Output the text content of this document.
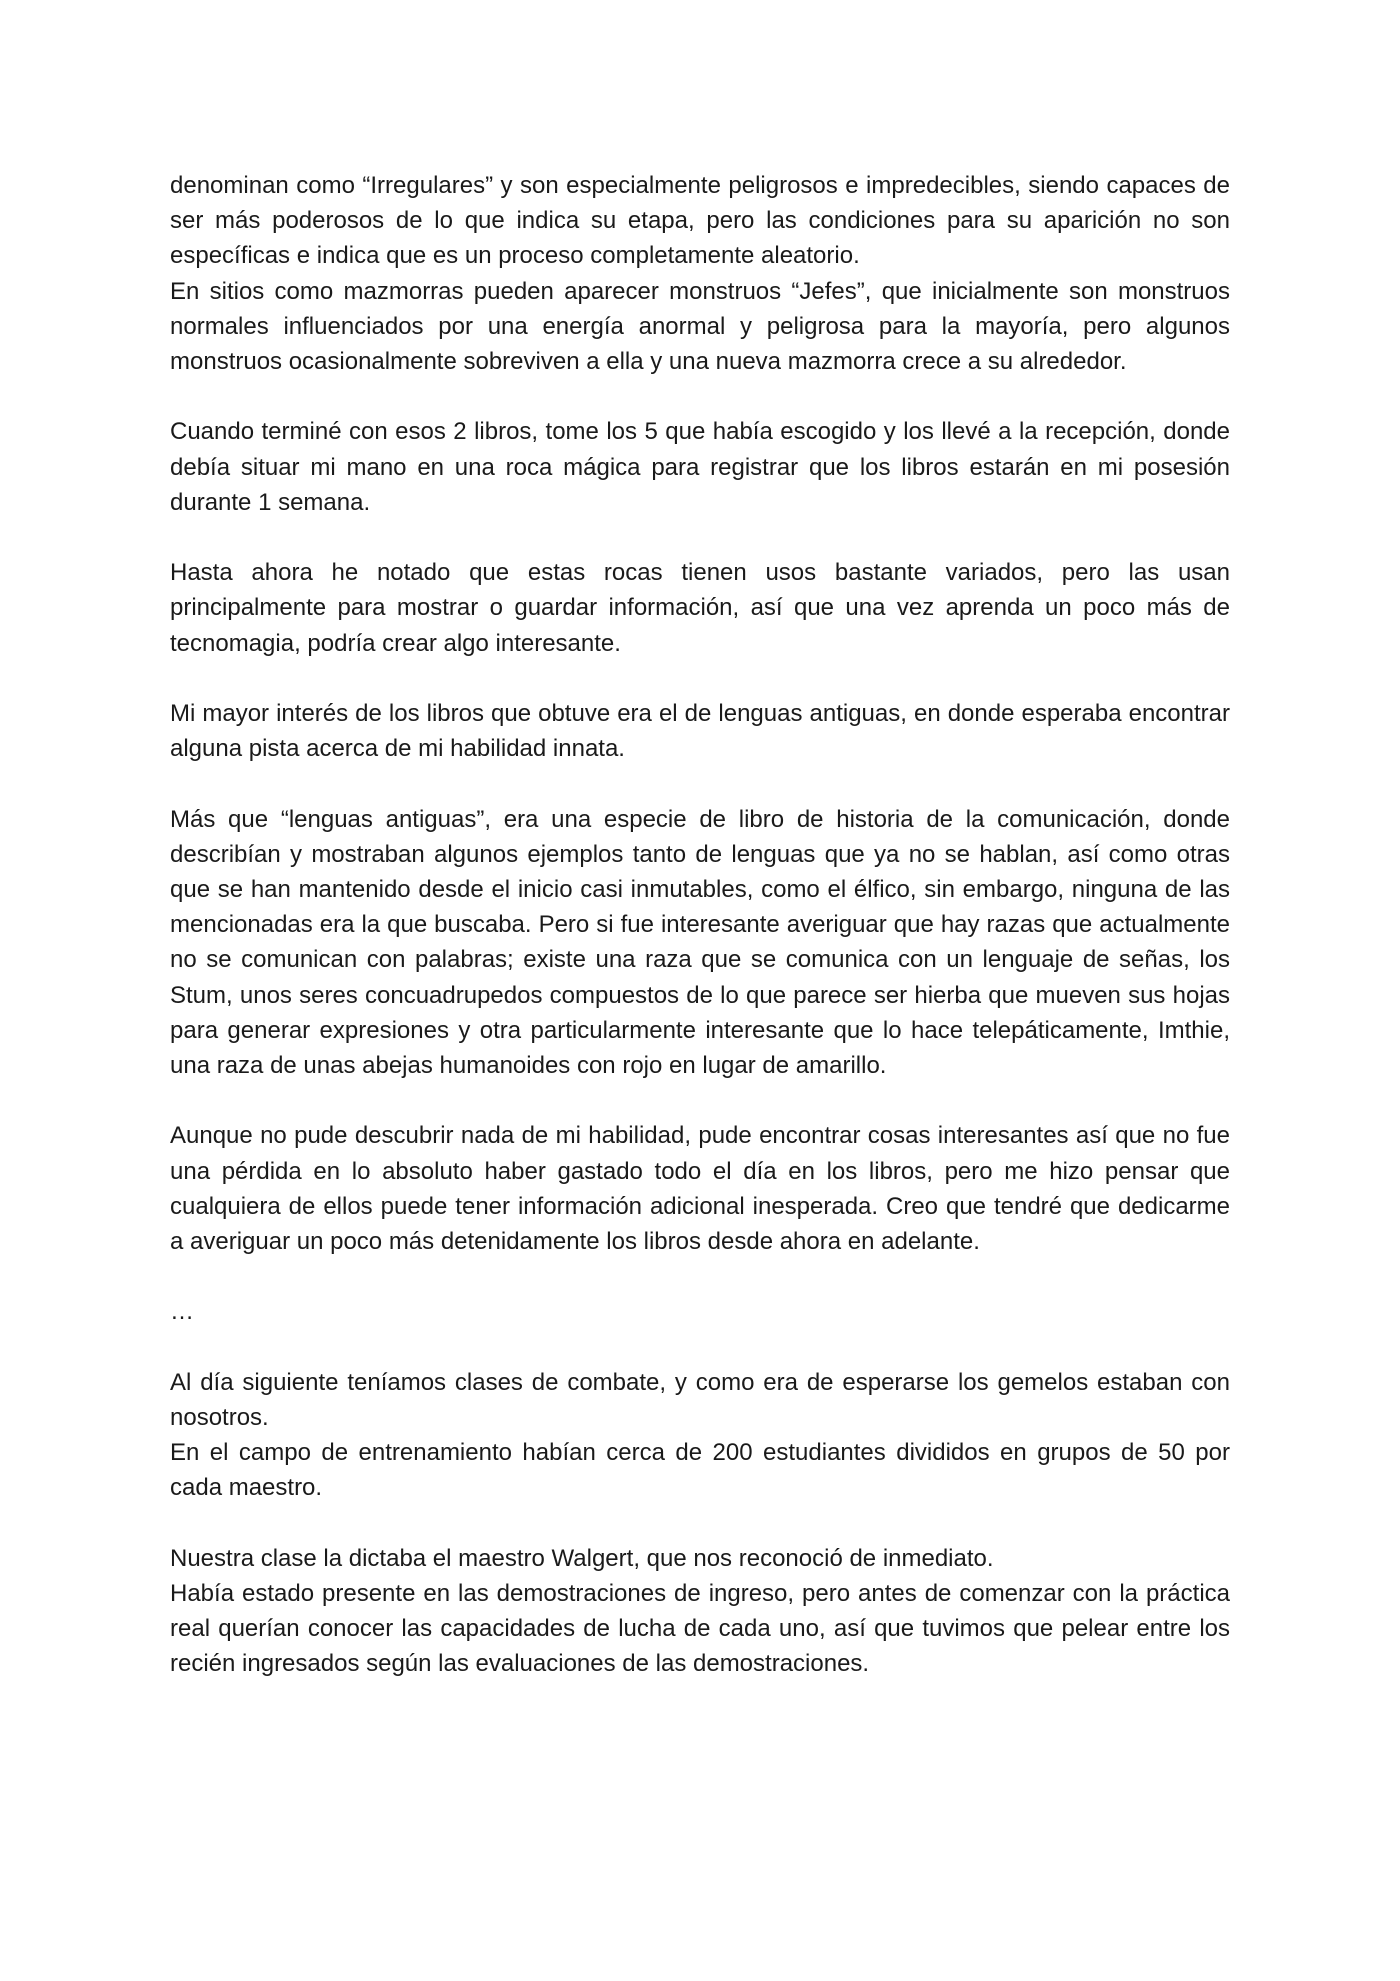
denominan como “Irregulares” y son especialmente peligrosos e impredecibles, siendo capaces de ser más poderosos de lo que indica su etapa, pero las condiciones para su aparición no son específicas e indica que es un proceso completamente aleatorio.

En sitios como mazmorras pueden aparecer monstruos “Jefes”, que inicialmente son monstruos normales influenciados por una energía anormal y peligrosa para la mayoría, pero algunos monstruos ocasionalmente sobreviven a ella y una nueva mazmorra crece a su alrededor.

Cuando terminé con esos 2 libros, tome los 5 que había escogido y los llevé a la recepción, donde debía situar mi mano en una roca mágica para registrar que los libros estarán en mi posesión durante 1 semana.

Hasta ahora he notado que estas rocas tienen usos bastante variados, pero las usan principalmente para mostrar o guardar información, así que una vez aprenda un poco más de tecnomagia, podría crear algo interesante.

Mi mayor interés de los libros que obtuve era el de lenguas antiguas, en donde esperaba encontrar alguna pista acerca de mi habilidad innata.

Más que “lenguas antiguas”, era una especie de libro de historia de la comunicación, donde describían y mostraban algunos ejemplos tanto de lenguas que ya no se hablan, así como otras que se han mantenido desde el inicio casi inmutables, como el élfico, sin embargo, ninguna de las mencionadas era la que buscaba. Pero si fue interesante averiguar que hay razas que actualmente no se comunican con palabras; existe una raza que se comunica con un lenguaje de señas, los Stum, unos seres concuadrupedos compuestos de lo que parece ser hierba que mueven sus hojas para generar expresiones y otra particularmente interesante que lo hace telepáticamente, Imthie, una raza de unas abejas humanoides con rojo en lugar de amarillo.

Aunque no pude descubrir nada de mi habilidad, pude encontrar cosas interesantes así que no fue una pérdida en lo absoluto haber gastado todo el día en los libros, pero me hizo pensar que cualquiera de ellos puede tener información adicional inesperada. Creo que tendré que dedicarme a averiguar un poco más detenidamente los libros desde ahora en adelante.

…

Al día siguiente teníamos clases de combate, y como era de esperarse los gemelos estaban con nosotros.

En el campo de entrenamiento habían cerca de 200 estudiantes divididos en grupos de 50 por cada maestro.

Nuestra clase la dictaba el maestro Walgert, que nos reconoció de inmediato.

Había estado presente en las demostraciones de ingreso, pero antes de comenzar con la práctica real querían conocer las capacidades de lucha de cada uno, así que tuvimos que pelear entre los recién ingresados según las evaluaciones de las demostraciones.
